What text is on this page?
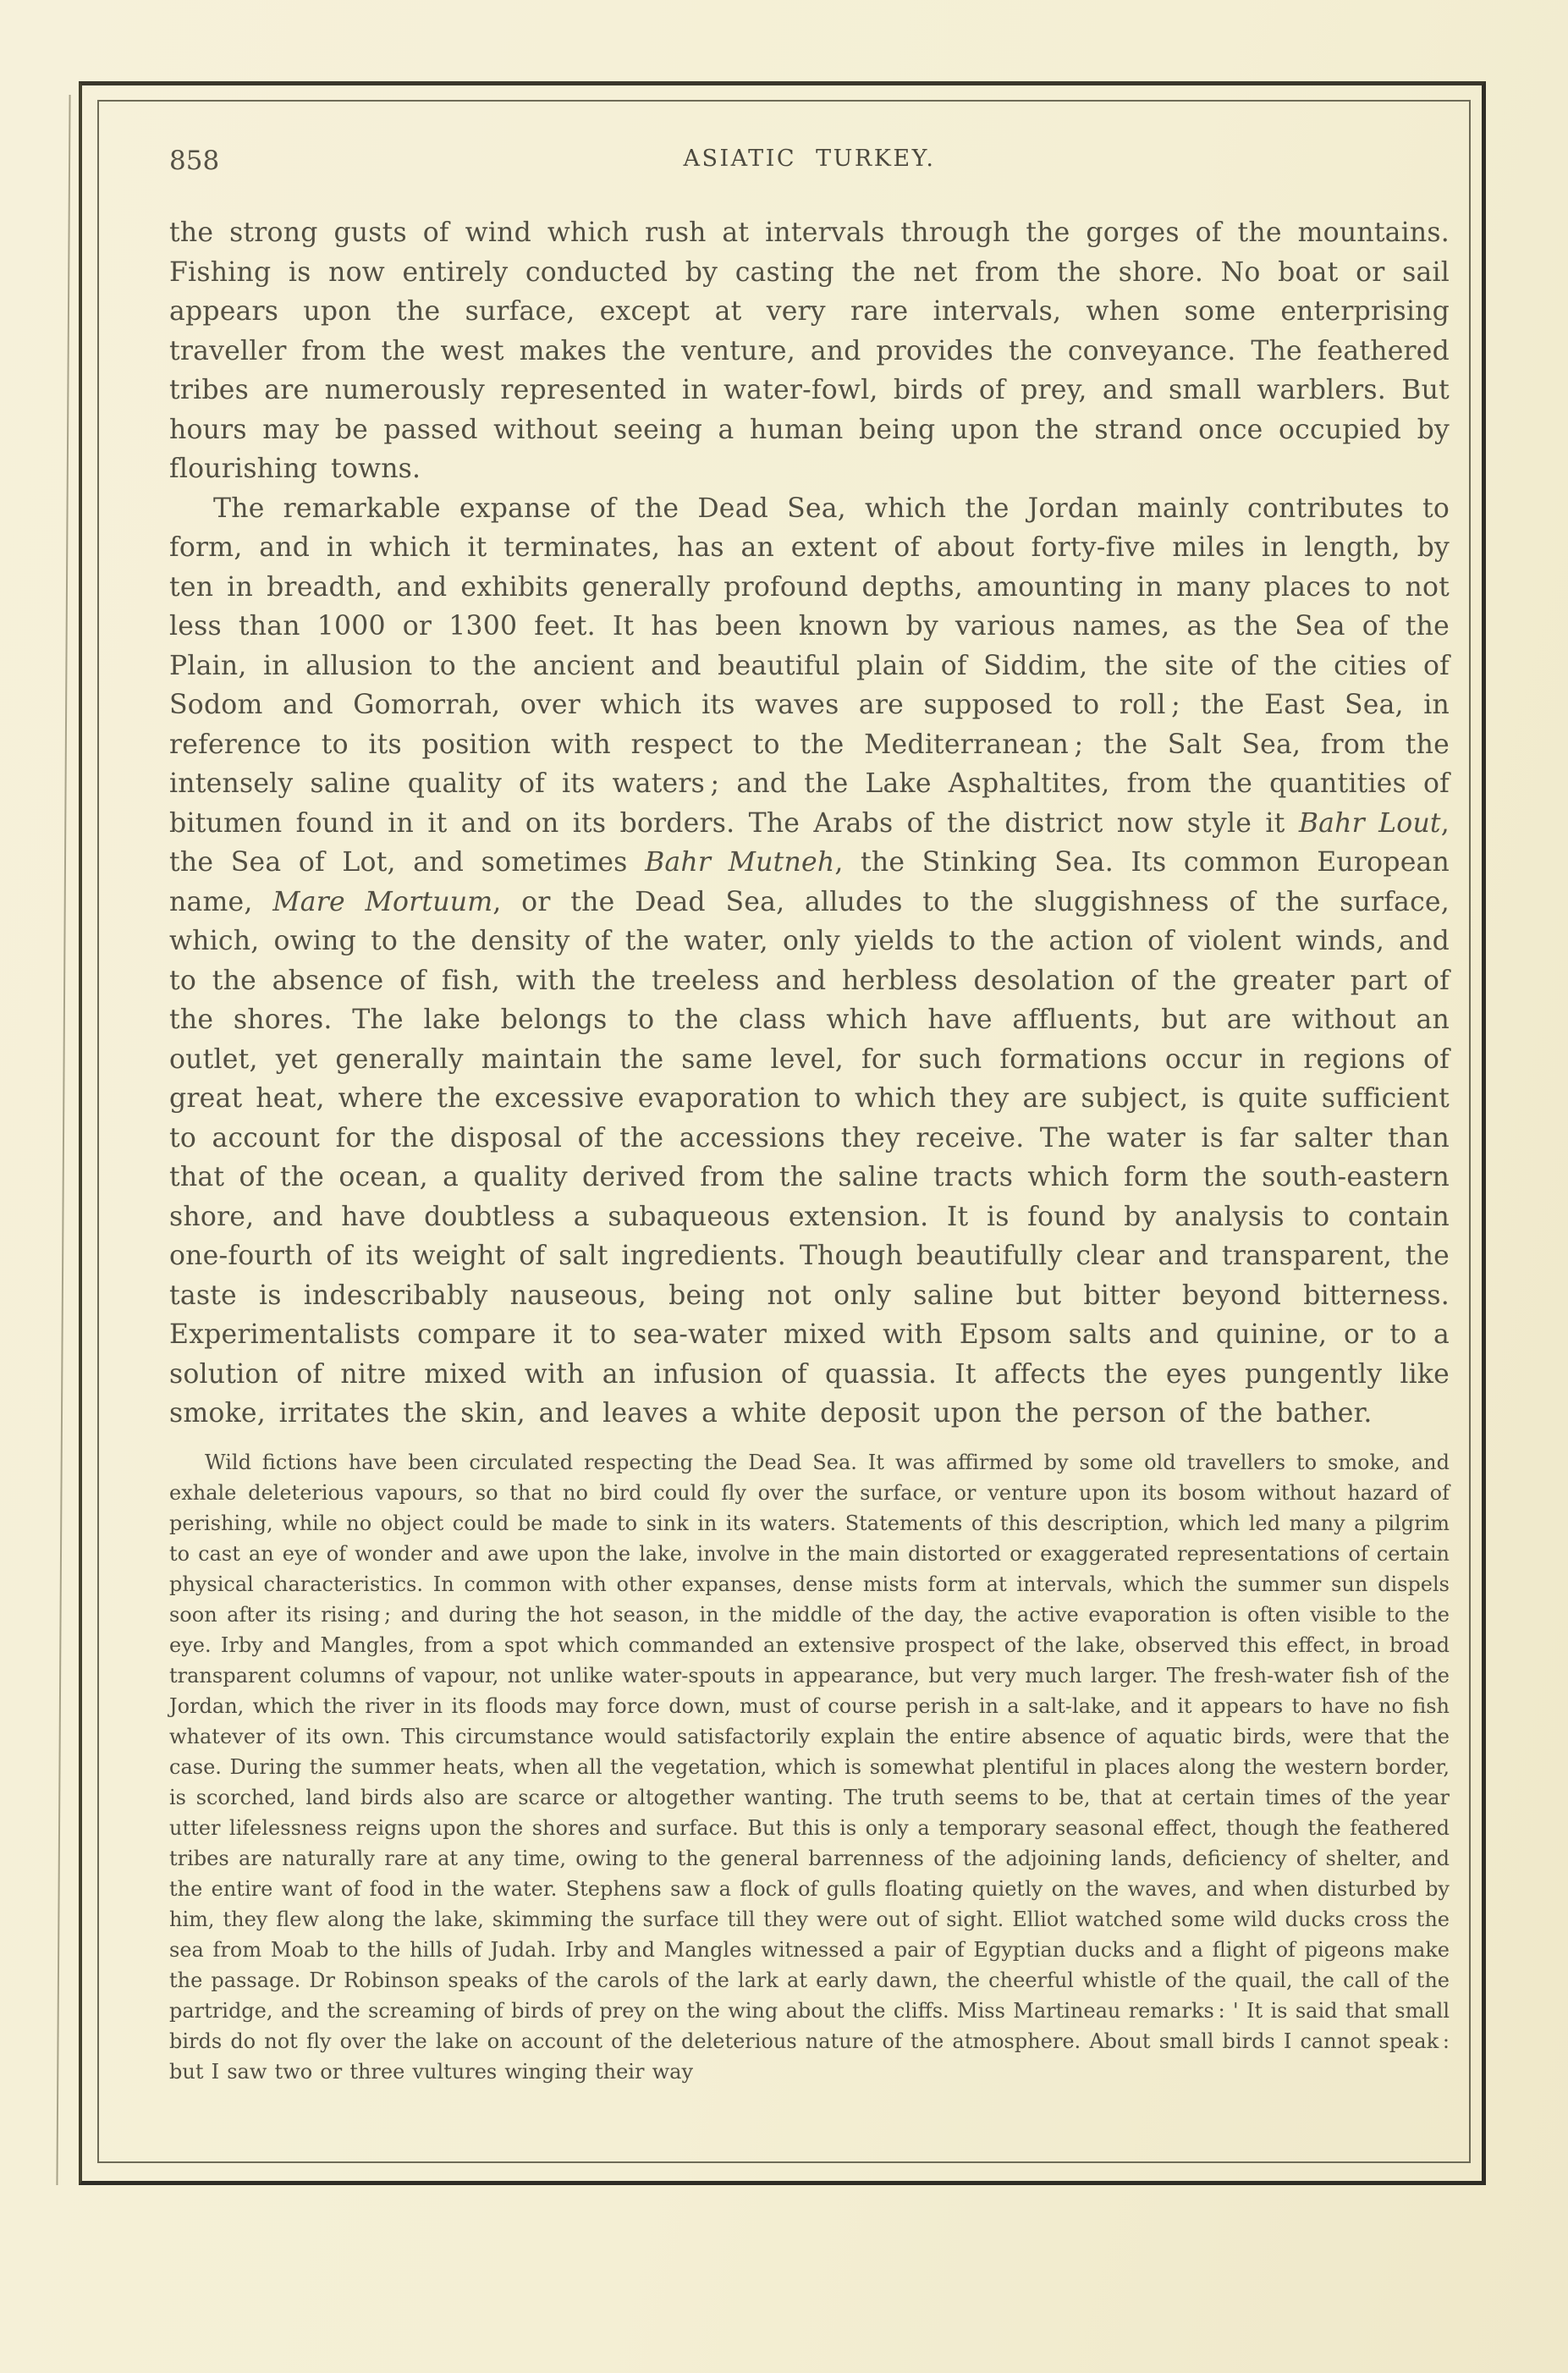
858	ASIATIC TURKEY.

the strong gusts of wind which rush at intervals through the gorges of the mountains. Fishing is now entirely conducted by casting the net from the shore. No boat or sail appears upon the surface, except at very rare intervals, when some enterprising traveller from the west makes the venture, and provides the conveyance. The feathered tribes are numerously represented in water-fowl, birds of prey, and small warblers. But hours may be passed without seeing a human being upon the strand once occupied by flourishing towns.

The remarkable expanse of the Dead Sea, which the Jordan mainly contributes to form, and in which it terminates, has an extent of about forty-five miles in length, by ten in breadth, and exhibits generally profound depths, amounting in many places to not less than 1000 or 1300 feet. It has been known by various names, as the Sea of the Plain, in allusion to the ancient and beautiful plain of Siddim, the site of the cities of Sodom and Gomorrah, over which its waves are supposed to roll ; the East Sea, in reference to its position with respect to the Mediterranean ; the Salt Sea, from the intensely saline quality of its waters ; and the Lake Asphaltites, from the quantities of bitumen found in it and on its borders. The Arabs of the district now style it Bahr Lout, the Sea of Lot, and sometimes Bahr Mutneh, the Stinking Sea. Its common European name, Mare Mortuum, or the Dead Sea, alludes to the sluggishness of the surface, which, owing to the density of the water, only yields to the action of violent winds, and to the absence of fish, with the treeless and herbless desolation of the greater part of the shores. The lake belongs to the class which have affluents, but are without an outlet, yet generally maintain the same level, for such formations occur in regions of great heat, where the excessive evaporation to which they are subject, is quite sufficient to account for the disposal of the accessions they receive. The water is far salter than that of the ocean, a quality derived from the saline tracts which form the south-eastern shore, and have doubtless a subaqueous extension. It is found by analysis to contain one-fourth of its weight of salt ingredients. Though beautifully clear and transparent, the taste is indescribably nauseous, being not only saline but bitter beyond bitterness. Experimentalists compare it to sea-water mixed with Epsom salts and quinine, or to a solution of nitre mixed with an infusion of quassia. It affects the eyes pungently like smoke, irritates the skin, and leaves a white deposit upon the person of the bather.

Wild fictions have been circulated respecting the Dead Sea. It was affirmed by some old travellers to smoke, and exhale deleterious vapours, so that no bird could fly over the surface, or venture upon its bosom without hazard of perishing, while no object could be made to sink in its waters. Statements of this description, which led many a pilgrim to cast an eye of wonder and awe upon the lake, involve in the main distorted or exaggerated representations of certain physical characteristics. In common with other expanses, dense mists form at intervals, which the summer sun dispels soon after its rising ; and during the hot season, in the middle of the day, the active evaporation is often visible to the eye. Irby and Mangles, from a spot which commanded an extensive prospect of the lake, observed this effect, in broad transparent columns of vapour, not unlike water-spouts in appearance, but very much larger. The fresh-water fish of the Jordan, which the river in its floods may force down, must of course perish in a salt-lake, and it appears to have no fish whatever of its own. This circumstance would satisfactorily explain the entire absence of aquatic birds, were that the case. During the summer heats, when all the vegetation, which is somewhat plentiful in places along the western border, is scorched, land birds also are scarce or altogether wanting. The truth seems to be, that at certain times of the year utter lifelessness reigns upon the shores and surface. But this is only a temporary seasonal effect, though the feathered tribes are naturally rare at any time, owing to the general barrenness of the adjoining lands, deficiency of shelter, and the entire want of food in the water. Stephens saw a flock of gulls floating quietly on the waves, and when disturbed by him, they flew along the lake, skimming the surface till they were out of sight. Elliot watched some wild ducks cross the sea from Moab to the hills of Judah. Irby and Mangles witnessed a pair of Egyptian ducks and a flight of pigeons make the passage. Dr Robinson speaks of the carols of the lark at early dawn, the cheerful whistle of the quail, the call of the partridge, and the screaming of birds of prey on the wing about the cliffs. Miss Martineau remarks : ' It is said that small birds do not fly over the lake on account of the deleterious nature of the atmosphere. About small birds I cannot speak : but I saw two or three vultures winging their way
